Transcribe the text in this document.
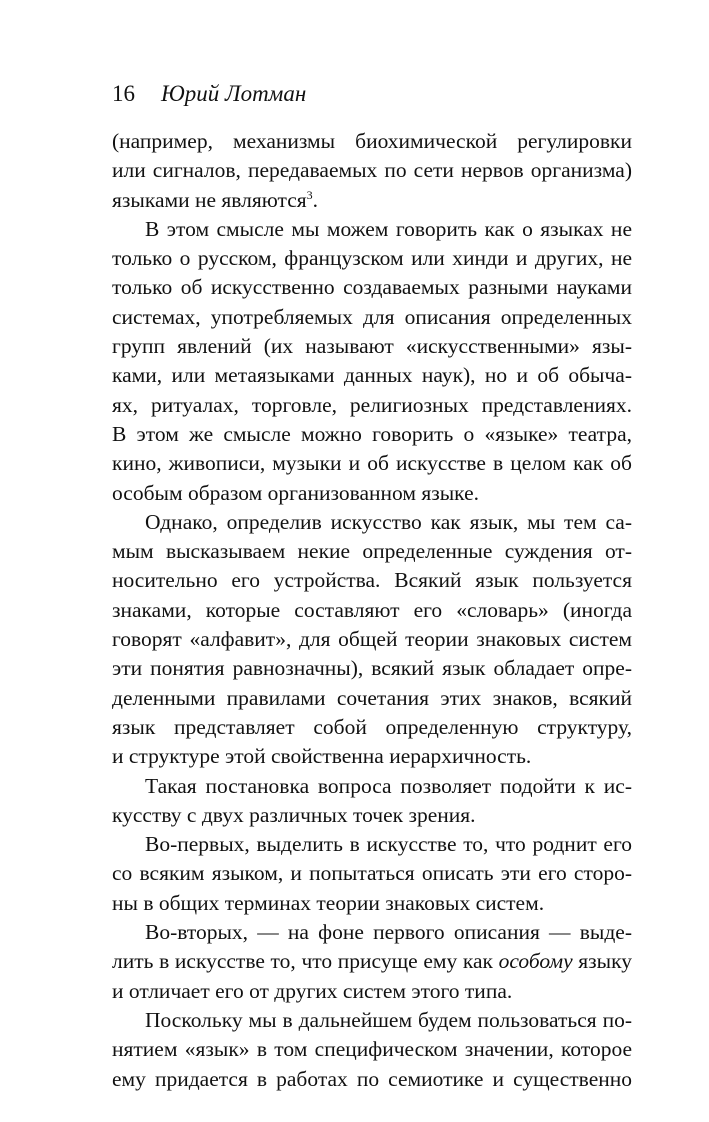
16 Юрий Лотман
(например, механизмы биохимической регулировки
или сигналов, передаваемых по сети нервов организма)
языками не являются$^3$.
В этом смысле мы можем говорить как о языках не
только о русском, французском или хинди и других, не
только об искусственно создаваемых разными науками
системах, употребляемых для описания определенных
групп явлений (их называют «искусственными» язы-
ками, или метаязыками данных наук), но и об обыча-
ях, ритуалах, торговле, религиозных представлениях.
В этом же смысле можно говорить о «языке» театра,
кино, живописи, музыки и об искусстве в целом как об
особым образом организованном языке.
Однако, определив искусство как язык, мы тем са-
мым высказываем некие определенные суждения от-
носительно его устройства. Всякий язык пользуется
знаками, которые составляют его «словарь» (иногда
говорят «алфавит», для общей теории знаковых систем
эти понятия равнозначны), всякий язык обладает опре-
деленными правилами сочетания этих знаков, всякий
язык представляет собой определенную структуру,
и структуре этой свойственна иерархичность.
Такая постановка вопроса позволяет подойти к ис-
кусству с двух различных точек зрения.
Во-первых, выделить в искусстве то, что роднит его
со всяким языком, и попытаться описать эти его сторо-
ны в общих терминах теории знаковых систем.
Во-вторых, — на фоне первого описания — выде-
лить в искусстве то, что присуще ему как особому языку
и отличает его от других систем этого типа.
Поскольку мы в дальнейшем будем пользоваться по-
нятием «язык» в том специфическом значении, которое
ему придается в работах по семиотике и существенно
